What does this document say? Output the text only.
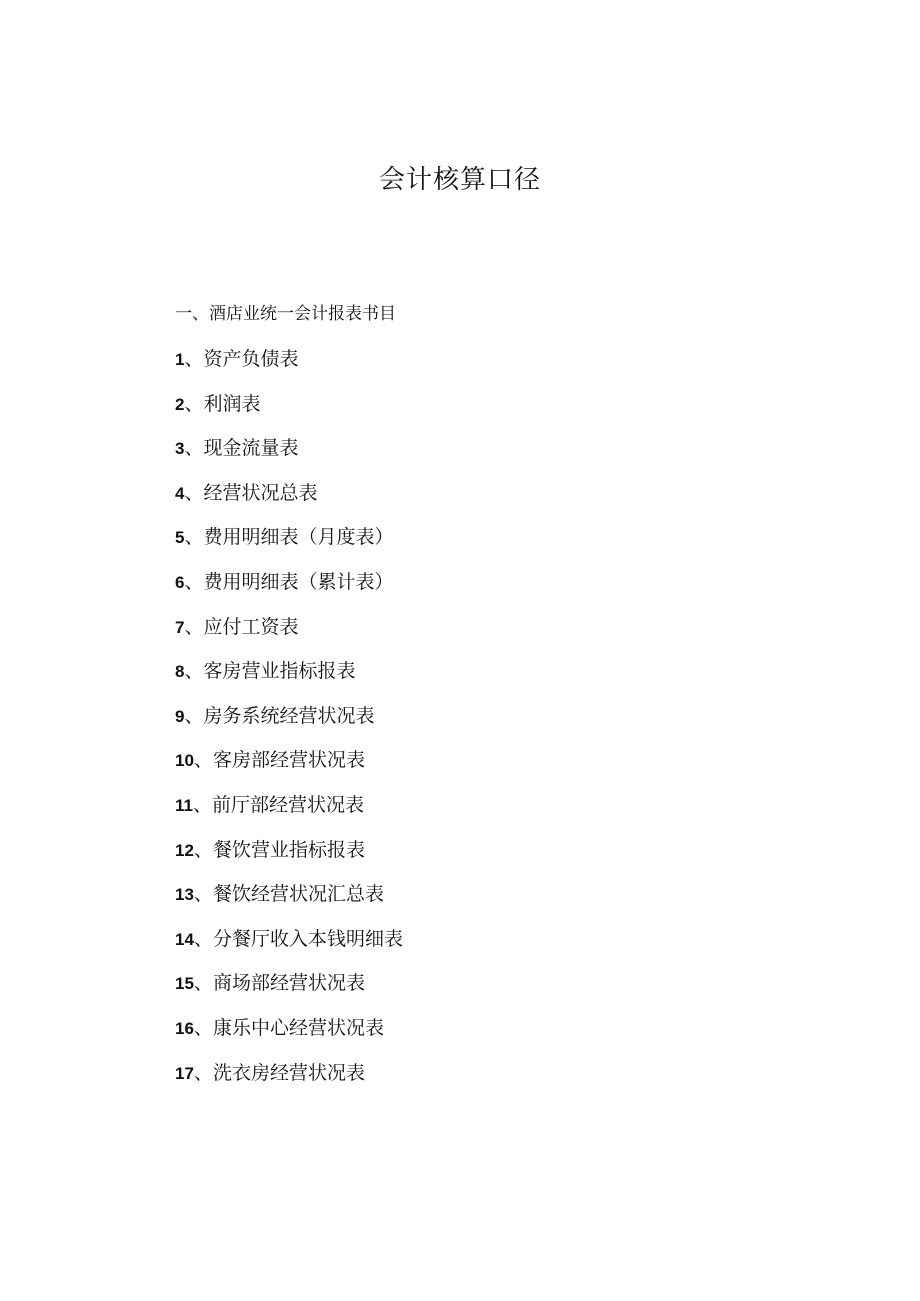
会计核算口径
一、酒店业统一会计报表书目
1、资产负债表
2、利润表
3、现金流量表
4、经营状况总表
5、费用明细表（月度表）
6、费用明细表（累计表）
7、应付工资表
8、客房营业指标报表
9、房务系统经营状况表
10、客房部经营状况表
11、前厅部经营状况表
12、餐饮营业指标报表
13、餐饮经营状况汇总表
14、分餐厅收入本钱明细表
15、商场部经营状况表
16、康乐中心经营状况表
17、洗衣房经营状况表
